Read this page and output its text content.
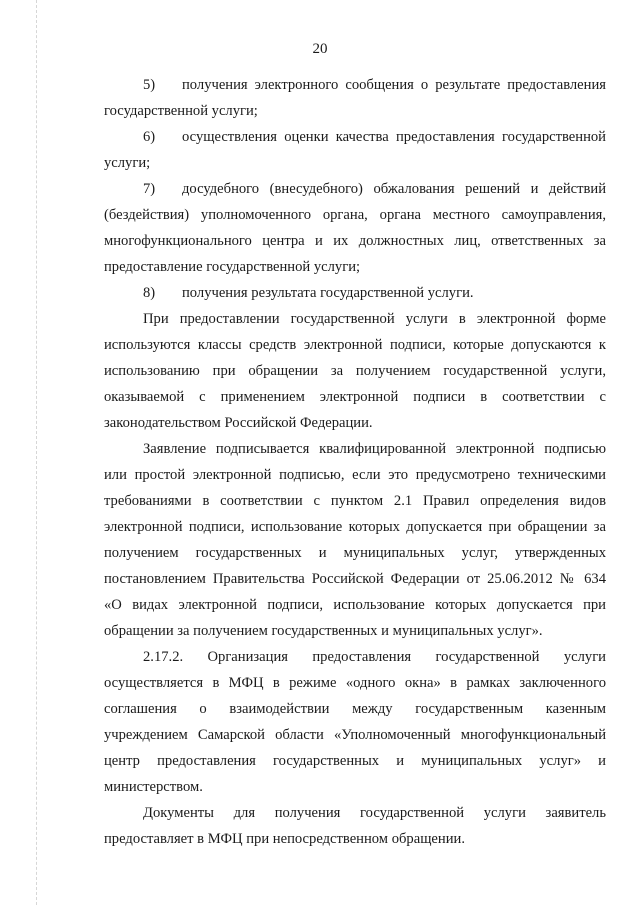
20
5) получения электронного сообщения о результате предоставления
государственной услуги;
6) осуществления оценки качества предоставления государственной
услуги;
7) досудебного (внесудебного) обжалования решений и действий
(бездействия) уполномоченного органа, органа местного самоуправления,
многофункционального центра и их должностных лиц, ответственных за
предоставление государственной услуги;
8) получения результата государственной услуги.
При предоставлении государственной услуги в электронной форме
используются классы средств электронной подписи, которые допускаются к
использованию при обращении за получением государственной услуги,
оказываемой с применением электронной подписи в соответствии с
законодательством Российской Федерации.
Заявление подписывается квалифицированной электронной подписью
или простой электронной подписью, если это предусмотрено техническими
требованиями в соответствии с пунктом 2.1 Правил определения видов
электронной подписи, использование которых допускается при обращении за
получением государственных и муниципальных услуг, утвержденных
постановлением Правительства Российской Федерации от 25.06.2012 № 634
«О видах электронной подписи, использование которых допускается при
обращении за получением государственных и муниципальных услуг».
2.17.2. Организация предоставления государственной услуги
осуществляется в МФЦ в режиме «одного окна» в рамках заключенного
соглашения о взаимодействии между государственным казенным
учреждением Самарской области «Уполномоченный многофункциональный
центр предоставления государственных и муниципальных услуг» и
министерством.
Документы для получения государственной услуги заявитель
предоставляет в МФЦ при непосредственном обращении.
